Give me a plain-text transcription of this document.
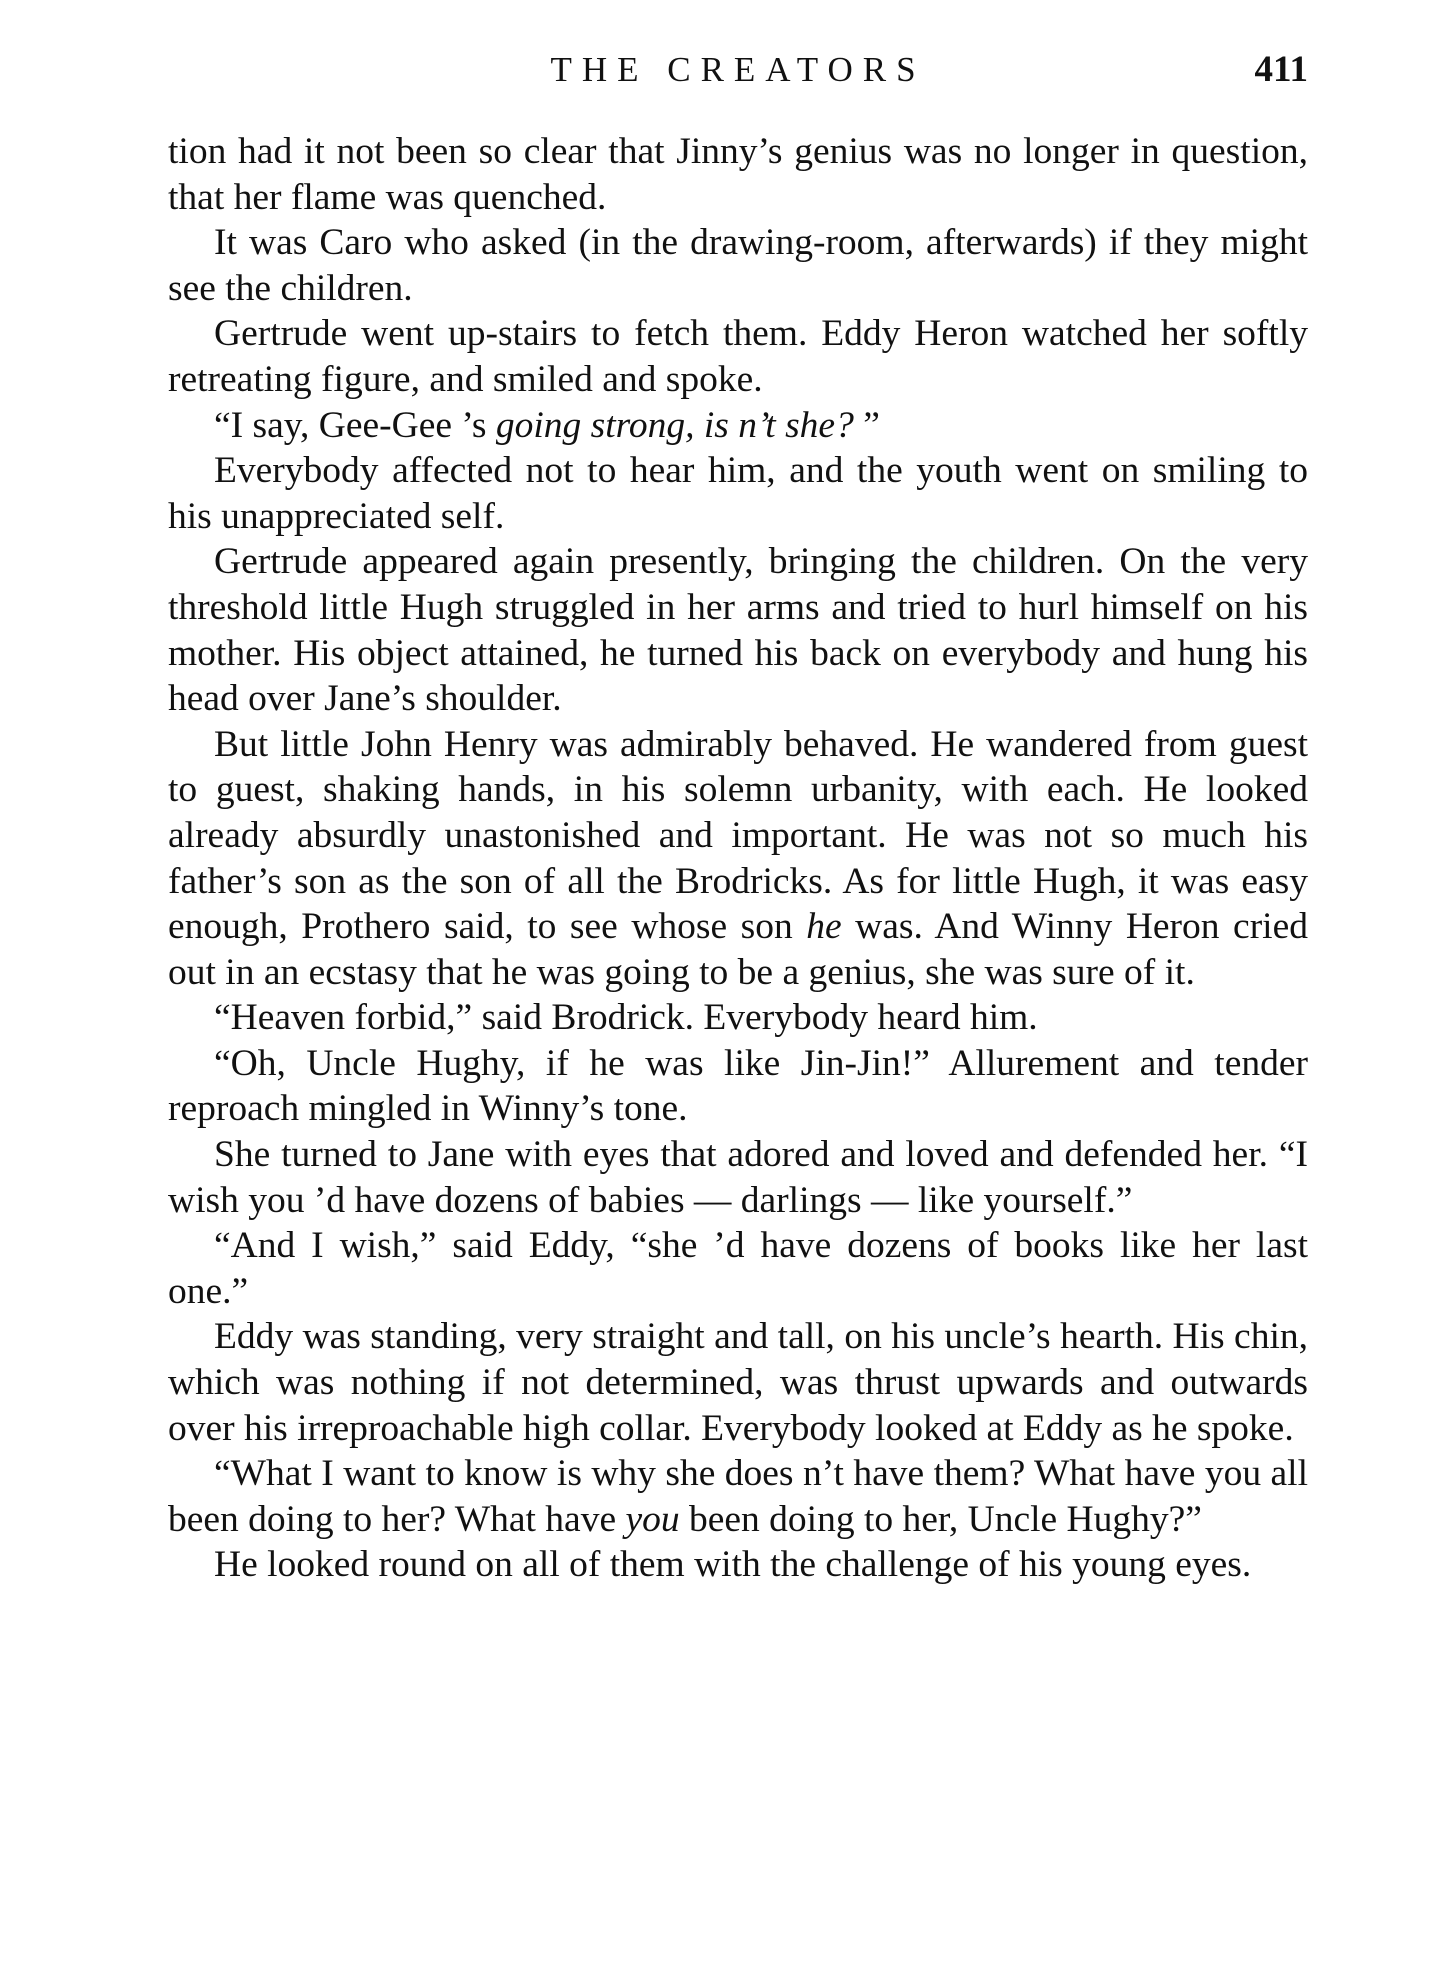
THE CREATORS	411

tion had it not been so clear that Jinny’s genius was no longer in question, that her flame was quenched.

It was Caro who asked (in the drawing-room, afterwards) if they might see the children.

Gertrude went up-stairs to fetch them. Eddy Heron watched her softly retreating figure, and smiled and spoke.

“I say, Gee-Gee ’s going strong, is n’t she? ”

Everybody affected not to hear him, and the youth went on smiling to his unappreciated self.

Gertrude appeared again presently, bringing the children. On the very threshold little Hugh struggled in her arms and tried to hurl himself on his mother. His object attained, he turned his back on everybody and hung his head over Jane’s shoulder.

But little John Henry was admirably behaved. He wandered from guest to guest, shaking hands, in his solemn urbanity, with each. He looked already absurdly unastonished and important. He was not so much his father’s son as the son of all the Brodricks. As for little Hugh, it was easy enough, Prothero said, to see whose son he was. And Winny Heron cried out in an ecstasy that he was going to be a genius, she was sure of it.

“Heaven forbid,” said Brodrick. Everybody heard him.

“Oh, Uncle Hughy, if he was like Jin-Jin!” Allurement and tender reproach mingled in Winny’s tone.

She turned to Jane with eyes that adored and loved and defended her. “I wish you ’d have dozens of babies — darlings — like yourself.”

“And I wish,” said Eddy, “she ’d have dozens of books like her last one.”

Eddy was standing, very straight and tall, on his uncle’s hearth. His chin, which was nothing if not determined, was thrust upwards and outwards over his irreproachable high collar. Everybody looked at Eddy as he spoke.

“What I want to know is why she does n’t have them? What have you all been doing to her? What have you been doing to her, Uncle Hughy?”

He looked round on all of them with the challenge of his young eyes.
